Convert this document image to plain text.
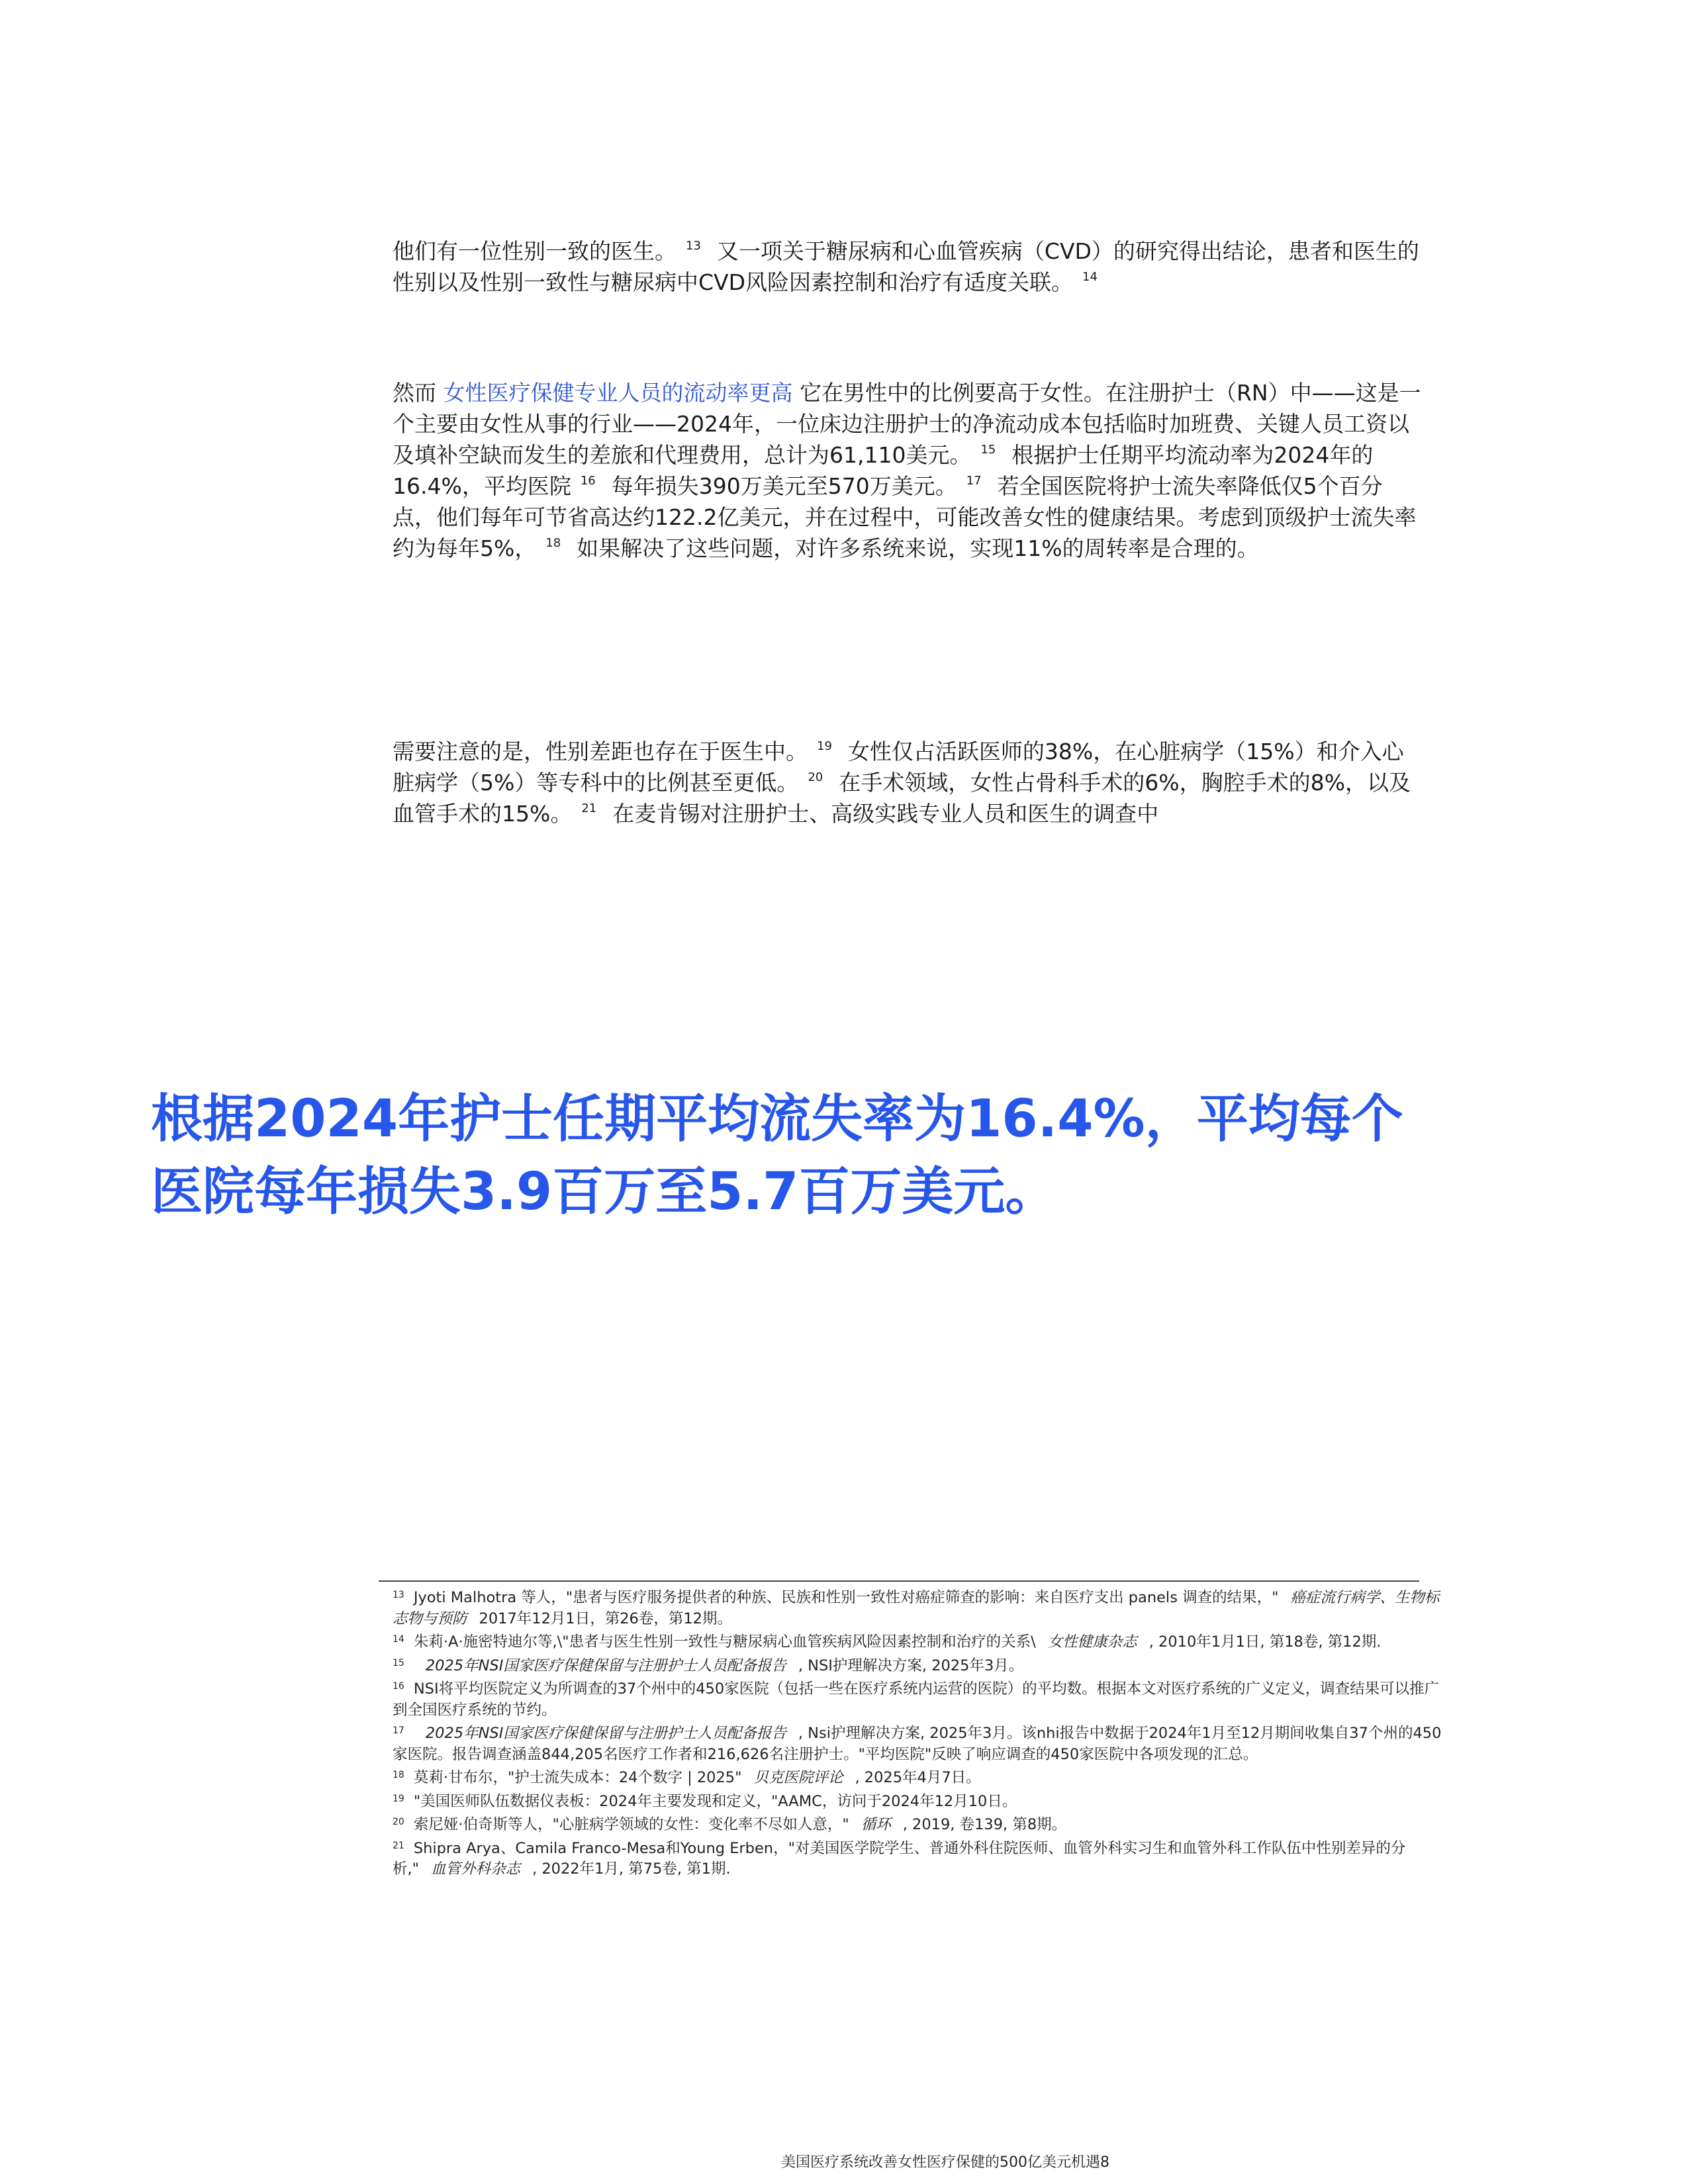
他们有一位性别一致的医生。 $^{13}$ 又一项关于糖尿病和心血管疾病（CVD）的研究得出结论，患者和医生的性别以及性别一致性与糖尿病中CVD风险因素控制和治疗有适度关联。 $^{14}$

然而 女性医疗保健专业人员的流动率更高 它在男性中的比例要高于女性。在注册护士（RN）中——这是一个主要由女性从事的行业——2024年，一位床边注册护士的净流动成本包括临时加班费、关键人员工资以及填补空缺而发生的差旅和代理费用，总计为61,110美元。 $^{15}$ 根据护士任期平均流动率为2024年的16.4%，平均医院 $^{16}$ 每年损失390万美元至570万美元。 $^{17}$ 若全国医院将护士流失率降低仅5个百分点，他们每年可节省高达约122.2亿美元，并在过程中，可能改善女性的健康结果。考虑到顶级护士流失率约为每年5%， $^{18}$ 如果解决了这些问题，对许多系统来说，实现11%的周转率是合理的。

需要注意的是，性别差距也存在于医生中。 $^{19}$ 女性仅占活跃医师的38%，在心脏病学（15%）和介入心脏病学（5%）等专科中的比例甚至更低。 $^{20}$ 在手术领域，女性占骨科手术的6%，胸腔手术的8%，以及血管手术的15%。 $^{21}$ 在麦肯锡对注册护士、高级实践专业人员和医生的调查中

根据2024年护士任期平均流失率为16.4%，平均每个医院每年损失3.9百万至5.7百万美元。

$^{13}$ Jyoti Malhotra 等人，"患者与医疗服务提供者的种族、民族和性别一致性对癌症筛查的影响：来自医疗支出 panels 调查的结果，" 癌症流行病学、生物标志物与预防 2017年12月1日，第26卷，第12期。

$^{14}$ 朱莉·A·施密特迪尔等,\"患者与医生性别一致性与糖尿病心血管疾病风险因素控制和治疗的关系\ 女性健康杂志 , 2010年1月1日, 第18卷, 第12期.

$^{15}$ 2025年NSI国家医疗保健保留与注册护士人员配备报告 , NSI护理解决方案, 2025年3月。

$^{16}$ NSI将平均医院定义为所调查的37个州中的450家医院（包括一些在医疗系统内运营的医院）的平均数。根据本文对医疗系统的广义定义，调查结果可以推广到全国医疗系统的节约。

$^{17}$ 2025年NSI国家医疗保健保留与注册护士人员配备报告 , Nsi护理解决方案, 2025年3月。该nhi报告中数据于2024年1月至12月期间收集自37个州的450家医院。报告调查涵盖844,205名医疗工作者和216,626名注册护士。"平均医院"反映了响应调查的450家医院中各项发现的汇总。

$^{18}$ 莫莉·甘布尔，"护士流失成本：24个数字 | 2025" 贝克医院评论 , 2025年4月7日。

$^{19}$ "美国医师队伍数据仪表板：2024年主要发现和定义，"AAMC，访问于2024年12月10日。

$^{20}$ 索尼娅·伯奇斯等人，"心脏病学领域的女性：变化率不尽如人意，" 循环 , 2019, 卷139, 第8期。

$^{21}$ Shipra Arya、Camila Franco-Mesa和Young Erben，"对美国医学院学生、普通外科住院医师、血管外科实习生和血管外科工作队伍中性别差异的分析," 血管外科杂志 , 2022年1月, 第75卷, 第1期.

美国医疗系统改善女性医疗保健的500亿美元机遇8
